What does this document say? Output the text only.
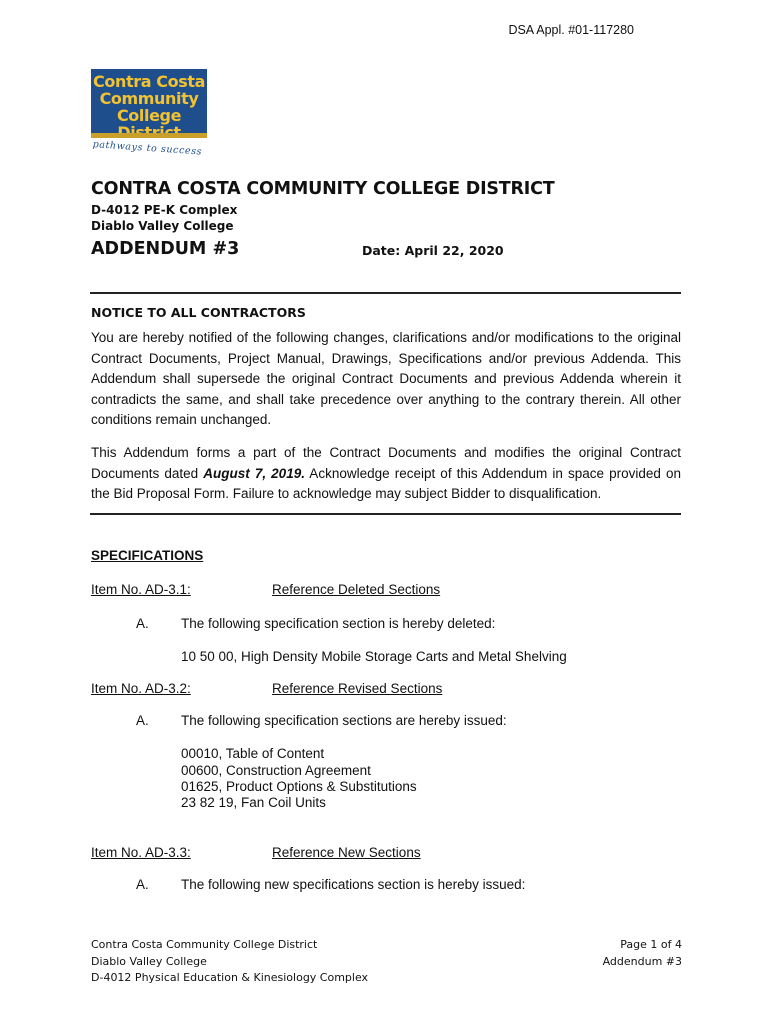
DSA Appl. #01-117280
Contra Costa
Community
College
pathways to success
CONTRA COSTA COMMUNITY COLLEGE DISTRICT
D-4012 PE-K Complex
Diablo Valley College
ADDENDUM #3	Date: April 22, 2020
NOTICE TO ALL CONTRACTORS
You are hereby notified of the following changes, clarifications and/or modifications to the original Contract Documents, Project Manual, Drawings, Specifications and/or previous Addenda. This Addendum shall supersede the original Contract Documents and previous Addenda wherein it contradicts the same, and shall take precedence over anything to the contrary therein. All other conditions remain unchanged.
This Addendum forms a part of the Contract Documents and modifies the original Contract Documents dated August 7, 2019. Acknowledge receipt of this Addendum in space provided on the Bid Proposal Form. Failure to acknowledge may subject Bidder to disqualification.
SPECIFICATIONS
Item No. AD-3.1:	Reference Deleted Sections
A. The following specification section is hereby deleted:
10 50 00, High Density Mobile Storage Carts and Metal Shelving
Item No. AD-3.2:	Reference Revised Sections
A. The following specification sections are hereby issued:
00010, Table of Content
00600, Construction Agreement
01625, Product Options & Substitutions
23 82 19, Fan Coil Units
Item No. AD-3.3:	Reference New Sections
A. The following new specifications section is hereby issued:
Contra Costa Community College District
Diablo Valley College
D-4012 Physical Education & Kinesiology Complex
Page 1 of 4
Addendum #3
